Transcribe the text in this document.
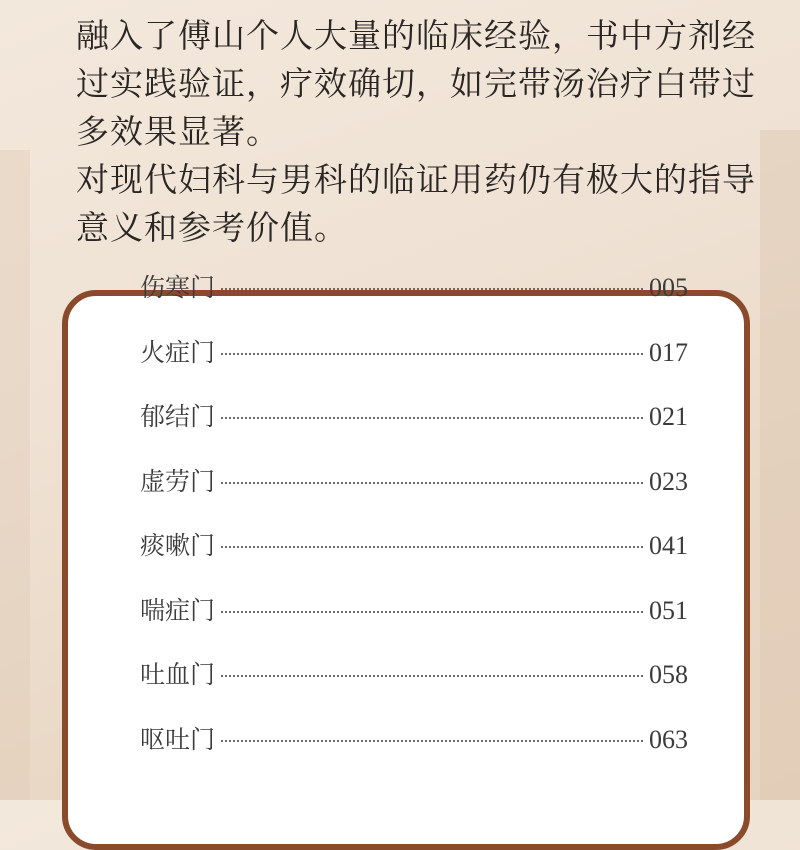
融入了傅山个人大量的临床经验，书中方剂经过实践验证，疗效确切，如完带汤治疗白带过多效果显著。

对现代妇科与男科的临证用药仍有极大的指导意义和参考价值。

伤寒门	005
火症门	017
郁结门	021
虚劳门	023
痰嗽门	041
喘症门	051
吐血门	058
呕吐门	063
